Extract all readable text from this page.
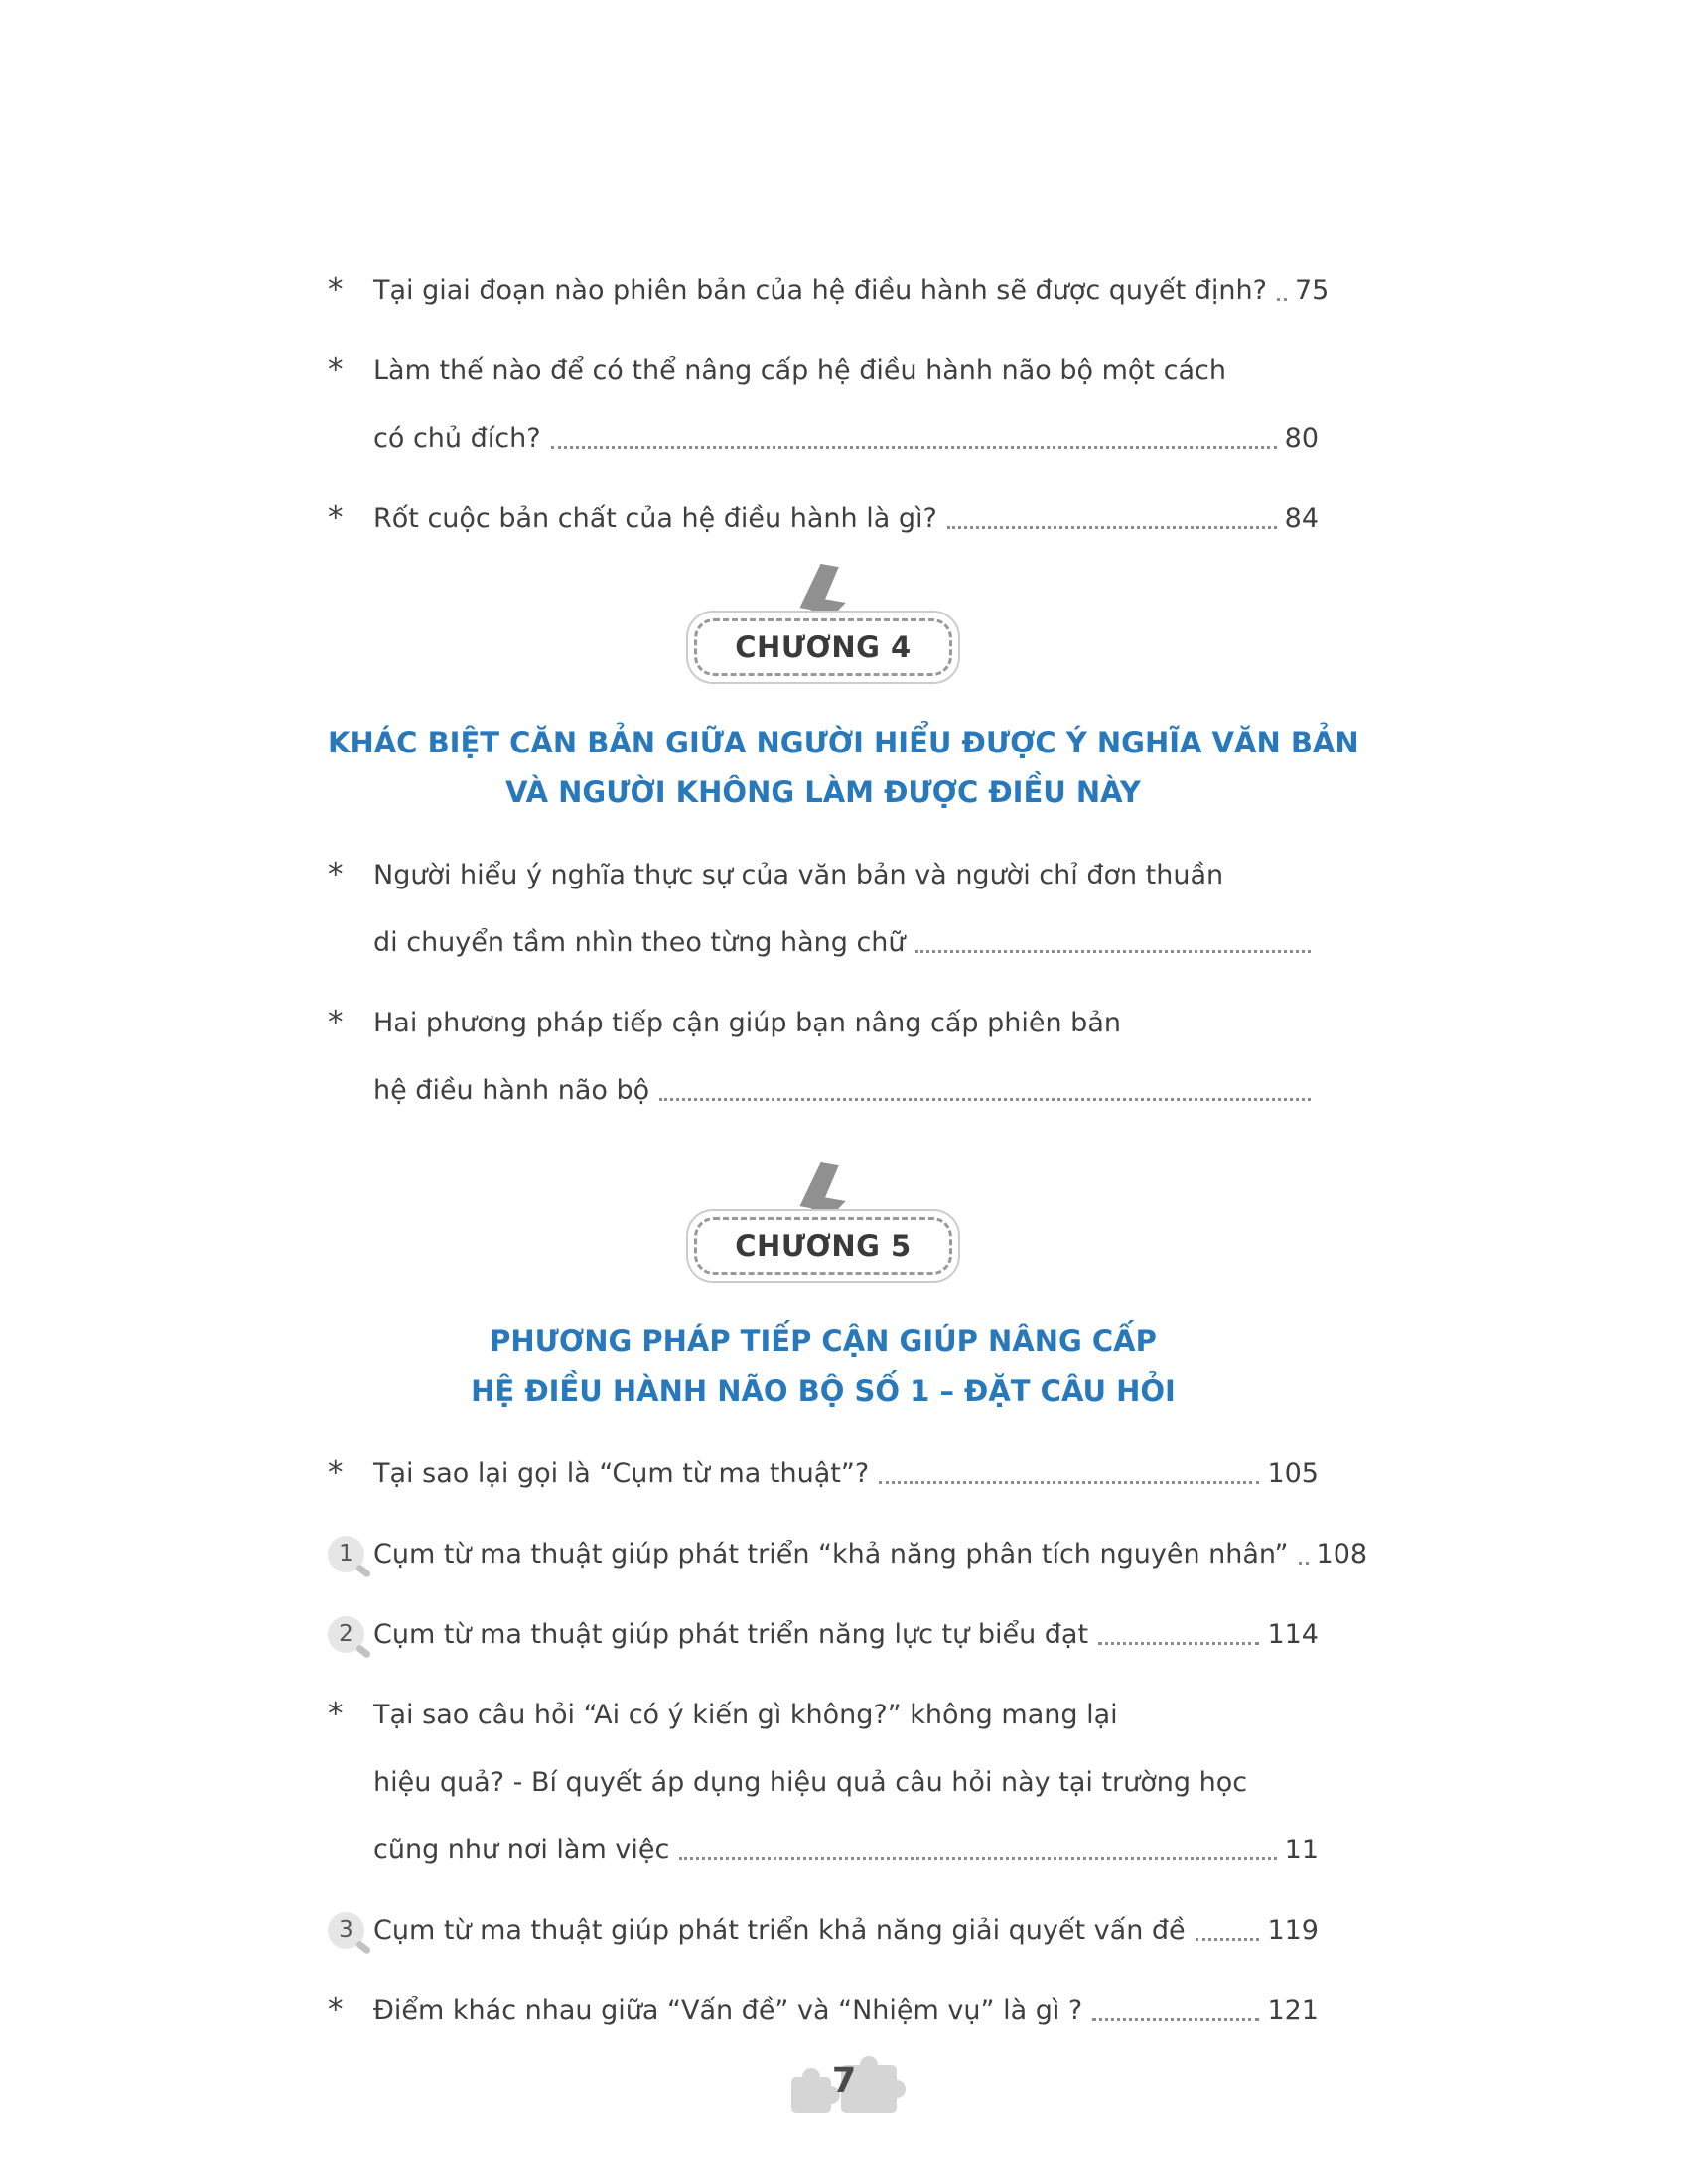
*	Tại giai đoạn nào phiên bản của hệ điều hành sẽ được quyết định? 75
*	Làm thế nào để có thể nâng cấp hệ điều hành não bộ một cách
có chủ đích?	80
*	Rốt cuộc bản chất của hệ điều hành là gì?	84
CHƯƠNG 4
KHÁC BIỆT CĂN BẢN GIỮA NGƯỜI HIỂU ĐƯỢC Ý NGHĨA VĂN BẢN
VÀ NGƯỜI KHÔNG LÀM ĐƯỢC ĐIỀU NÀY
*	Người hiểu ý nghĩa thực sự của văn bản và người chỉ đơn thuần
di chuyển tầm nhìn theo từng hàng chữ
*	Hai phương pháp tiếp cận giúp bạn nâng cấp phiên bản
hệ điều hành não bộ
CHƯƠNG 5
PHƯƠNG PHÁP TIẾP CẬN GIÚP NÂNG CẤP
HỆ ĐIỀU HÀNH NÃO BỘ SỐ 1 – ĐẶT CÂU HỎI
*	Tại sao lại gọi là “Cụm từ ma thuật”?	105
1 Cụm từ ma thuật giúp phát triển “khả năng phân tích nguyên nhân” 108
2 Cụm từ ma thuật giúp phát triển năng lực tự biểu đạt	114
*	Tại sao câu hỏi “Ai có ý kiến gì không?” không mang lại
hiệu quả? - Bí quyết áp dụng hiệu quả câu hỏi này tại trường học
cũng như nơi làm việc	11
3 Cụm từ ma thuật giúp phát triển khả năng giải quyết vấn đề	119
*	Điểm khác nhau giữa “Vấn đề” và “Nhiệm vụ” là gì ?	121
7
